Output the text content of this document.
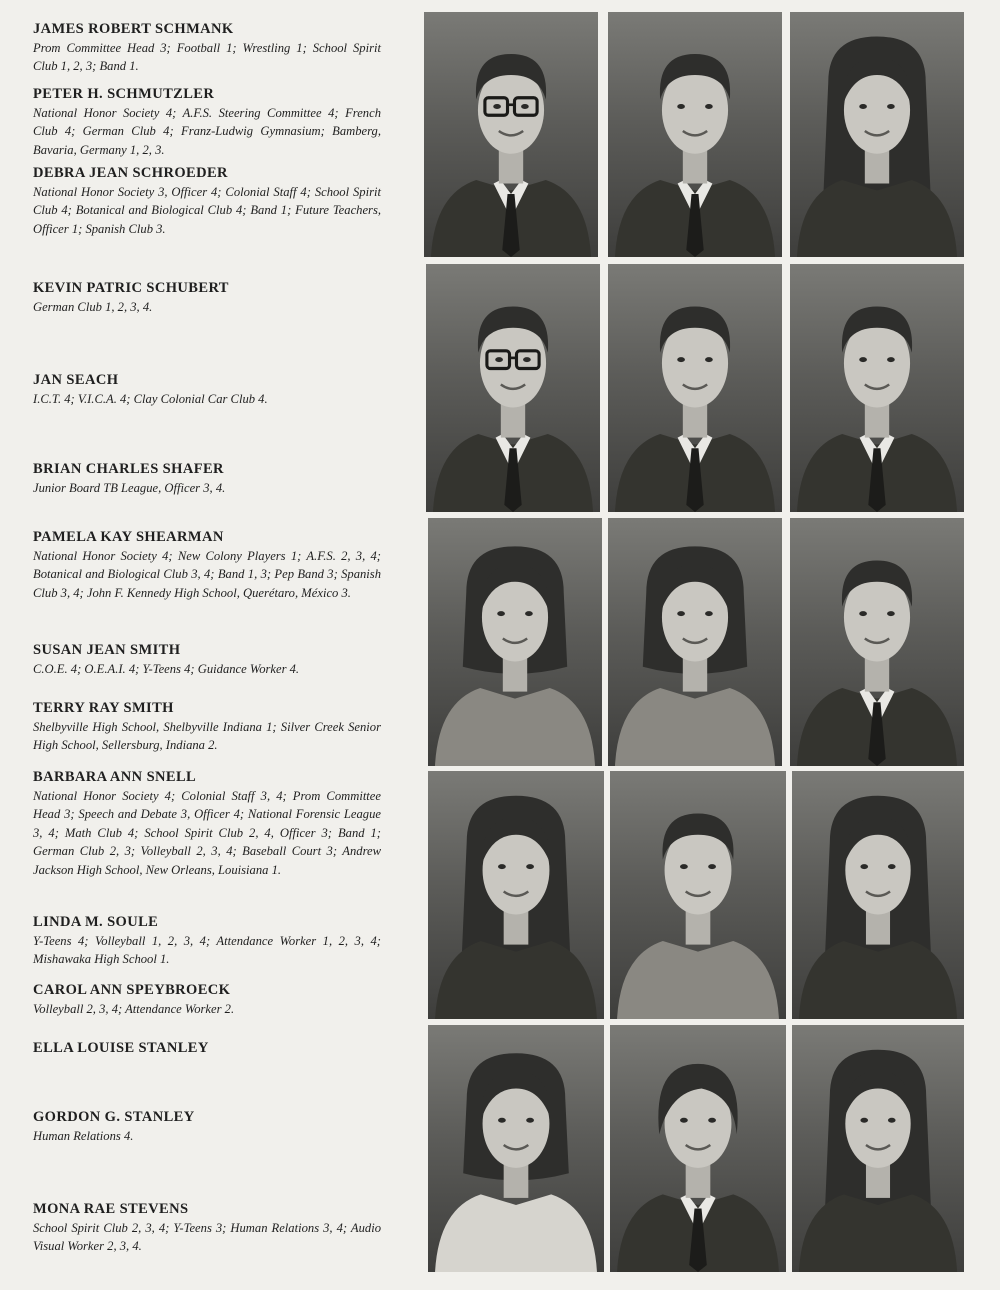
JAMES ROBERT SCHMANK
Prom Committee Head 3; Football 1; Wrestling 1; School Spirit Club 1, 2, 3; Band 1.
PETER H. SCHMUTZLER
National Honor Society 4; A.F.S. Steering Committee 4; French Club 4; German Club 4; Franz-Ludwig Gymnasium; Bamberg, Bavaria, Germany 1, 2, 3.
DEBRA JEAN SCHROEDER
National Honor Society 3, Officer 4; Colonial Staff 4; School Spirit Club 4; Botanical and Biological Club 4; Band 1; Future Teachers, Officer 1; Spanish Club 3.
KEVIN PATRIC SCHUBERT
German Club 1, 2, 3, 4.
JAN SEACH
I.C.T. 4; V.I.C.A. 4; Clay Colonial Car Club 4.
BRIAN CHARLES SHAFER
Junior Board TB League, Officer 3, 4.
PAMELA KAY SHEARMAN
National Honor Society 4; New Colony Players 1; A.F.S. 2, 3, 4; Botanical and Biological Club 3, 4; Band 1, 3; Pep Band 3; Spanish Club 3, 4; John F. Kennedy High School, Querétaro, México 3.
SUSAN JEAN SMITH
C.O.E. 4; O.E.A.I. 4; Y-Teens 4; Guidance Worker 4.
TERRY RAY SMITH
Shelbyville High School, Shelbyville Indiana 1; Silver Creek Senior High School, Sellersburg, Indiana 2.
BARBARA ANN SNELL
National Honor Society 4; Colonial Staff 3, 4; Prom Committee Head 3; Speech and Debate 3, Officer 4; National Forensic League 3, 4; Math Club 4; School Spirit Club 2, 4, Officer 3; Band 1; German Club 2, 3; Volleyball 2, 3, 4; Baseball Court 3; Andrew Jackson High School, New Orleans, Louisiana 1.
LINDA M. SOULE
Y-Teens 4; Volleyball 1, 2, 3, 4; Attendance Worker 1, 2, 3, 4; Mishawaka High School 1.
CAROL ANN SPEYBROECK
Volleyball 2, 3, 4; Attendance Worker 2.
ELLA LOUISE STANLEY
GORDON G. STANLEY
Human Relations 4.
MONA RAE STEVENS
School Spirit Club 2, 3, 4; Y-Teens 3; Human Relations 3, 4; Audio Visual Worker 2, 3, 4.
